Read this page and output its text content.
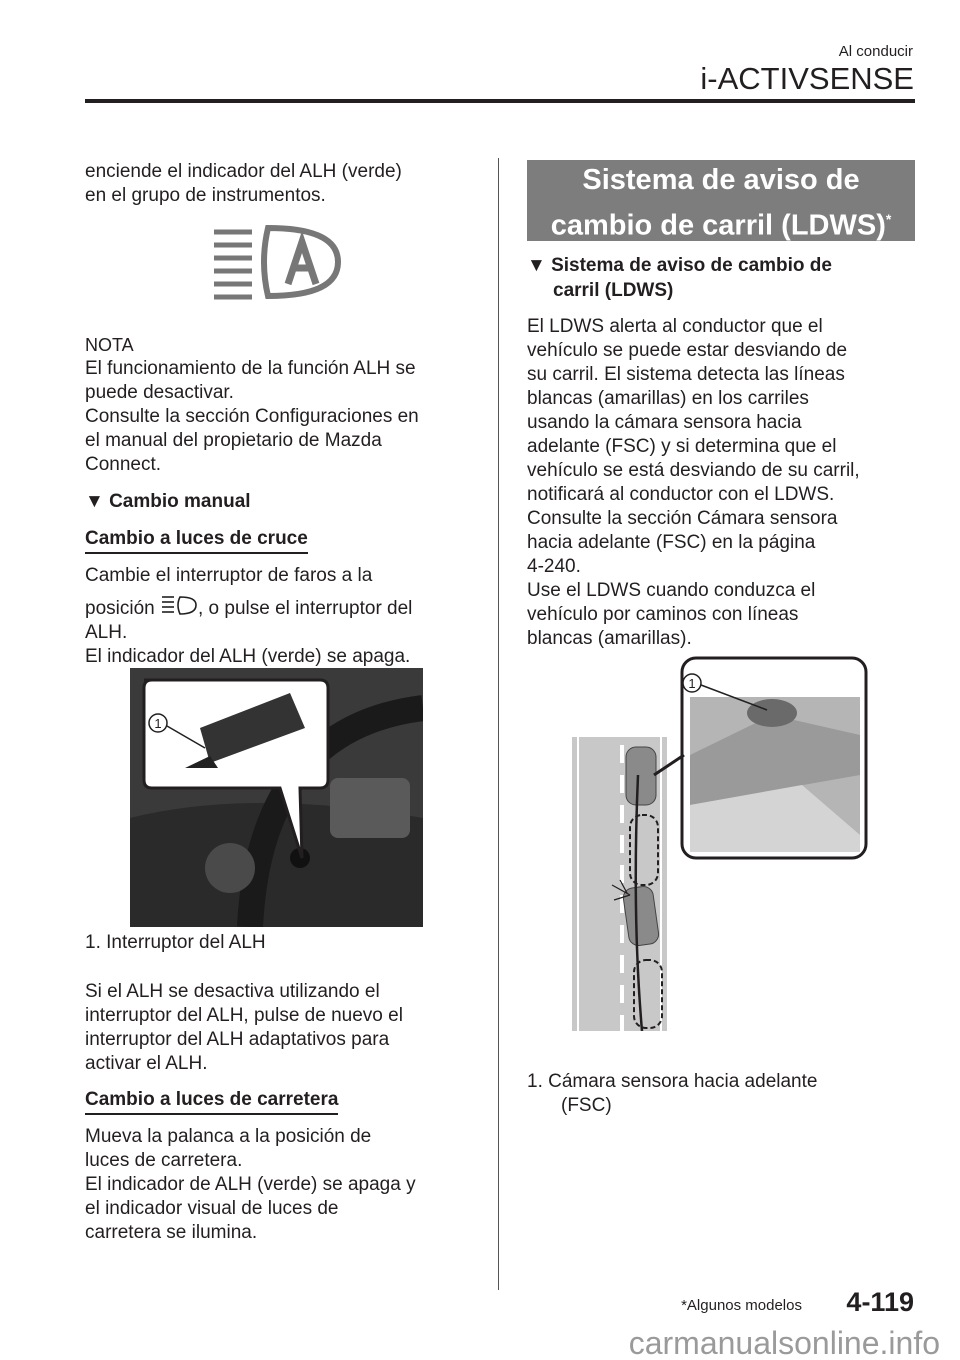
Al conducir
i-ACTIVSENSE
enciende el indicador del ALH (verde)
en el grupo de instrumentos.
NOTA
El funcionamiento de la función ALH se
puede desactivar.
Consulte la sección Configuraciones en
el manual del propietario de Mazda
Connect.
▼ Cambio manual
Cambio a luces de cruce
Cambie el interruptor de faros a la
posición , o pulse el interruptor del
ALH.
El indicador del ALH (verde) se apaga.
1
1. Interruptor del ALH
Si el ALH se desactiva utilizando el
interruptor del ALH, pulse de nuevo el
interruptor del ALH adaptativos para
activar el ALH.
Cambio a luces de carretera
Mueva la palanca a la posición de
luces de carretera.
El indicador de ALH (verde) se apaga y
el indicador visual de luces de
carretera se ilumina.
Sistema de aviso de
cambio de carril (LDWS)*
▼ Sistema de aviso de cambio de
carril (LDWS)
El LDWS alerta al conductor que el
vehículo se puede estar desviando de
su carril. El sistema detecta las líneas
blancas (amarillas) en los carriles
usando la cámara sensora hacia
adelante (FSC) y si determina que el
vehículo se está desviando de su carril,
notificará al conductor con el LDWS.
Consulte la sección Cámara sensora
hacia adelante (FSC) en la página
4-240.
Use el LDWS cuando conduzca el
vehículo por caminos con líneas
blancas (amarillas).
1
1. Cámara sensora hacia adelante
(FSC)
*Algunos modelos 4-119
carmanualsonline.info
